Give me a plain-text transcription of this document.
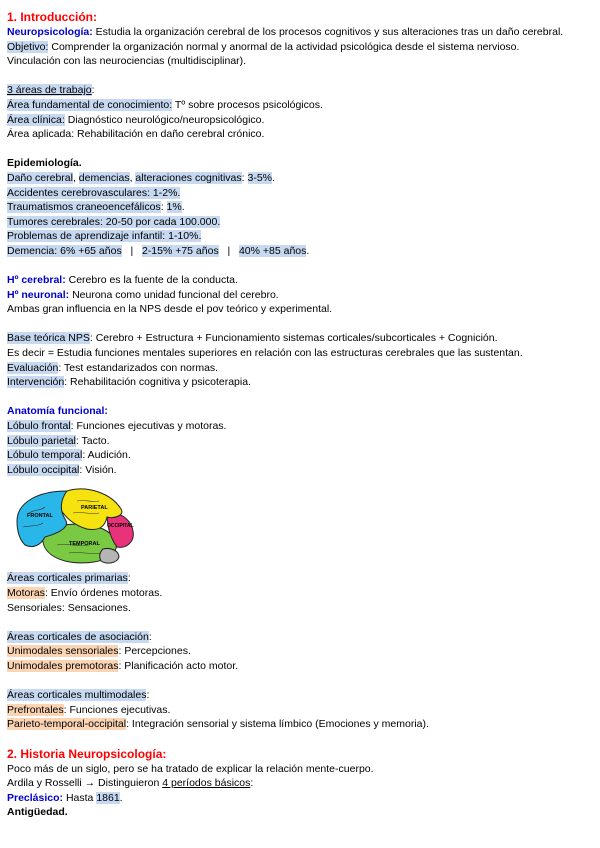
1. Introducción:
Neuropsicología: Estudia la organización cerebral de los procesos cognitivos y sus alteraciones tras un daño cerebral.
Objetivo: Comprender la organización normal y anormal de la actividad psicológica desde el sistema nervioso.
Vinculación con las neurociencias (multidisciplinar).
3 áreas de trabajo:
Área fundamental de conocimiento: Tº sobre procesos psicológicos.
Área clínica: Diagnóstico neurológico/neuropsicológico.
Área aplicada: Rehabilitación en daño cerebral crónico.
Epidemiología.
Daño cerebral, demencias, alteraciones cognitivas: 3-5%.
Accidentes cerebrovasculares: 1-2%.
Traumatismos craneoencefálicos: 1%.
Tumores cerebrales: 20-50 por cada 100.000.
Problemas de aprendizaje infantil: 1-10%.
Demencia: 6% +65 años   |   2-15% +75 años   |   40% +85 años.
Hº cerebral: Cerebro es la fuente de la conducta.
Hº neuronal: Neurona como unidad funcional del cerebro.
Ambas gran influencia en la NPS desde el pov teórico y experimental.
Base teórica NPS: Cerebro + Estructura + Funcionamiento sistemas corticales/subcorticales + Cognición.
Es decir = Estudia funciones mentales superiores en relación con las estructuras cerebrales que las sustentan.
Evaluación: Test estandarizados con normas.
Intervención: Rehabilitación cognitiva y psicoterapia.
Anatomía funcional:
Lóbulo frontal: Funciones ejecutivas y motoras.
Lóbulo parietal: Tacto.
Lóbulo temporal: Audición.
Lóbulo occipital: Visión.
FRONTAL
PARIETAL
TEMPORAL
OCCIPITAL
Áreas corticales primarias:
Motoras: Envío órdenes motoras.
Sensoriales: Sensaciones.
Áreas corticales de asociación:
Unimodales sensoriales: Percepciones.
Unimodales premotoras: Planificación acto motor.
Áreas corticales multimodales:
Prefrontales: Funciones ejecutivas.
Parieto-temporal-occipital: Integración sensorial y sistema límbico (Emociones y memoria).
2. Historia Neuropsicología:
Poco más de un siglo, pero se ha tratado de explicar la relación mente-cuerpo.
Ardila y Rosselli → Distinguieron 4 períodos básicos:
Preclásico: Hasta 1861.
Antigüedad.
